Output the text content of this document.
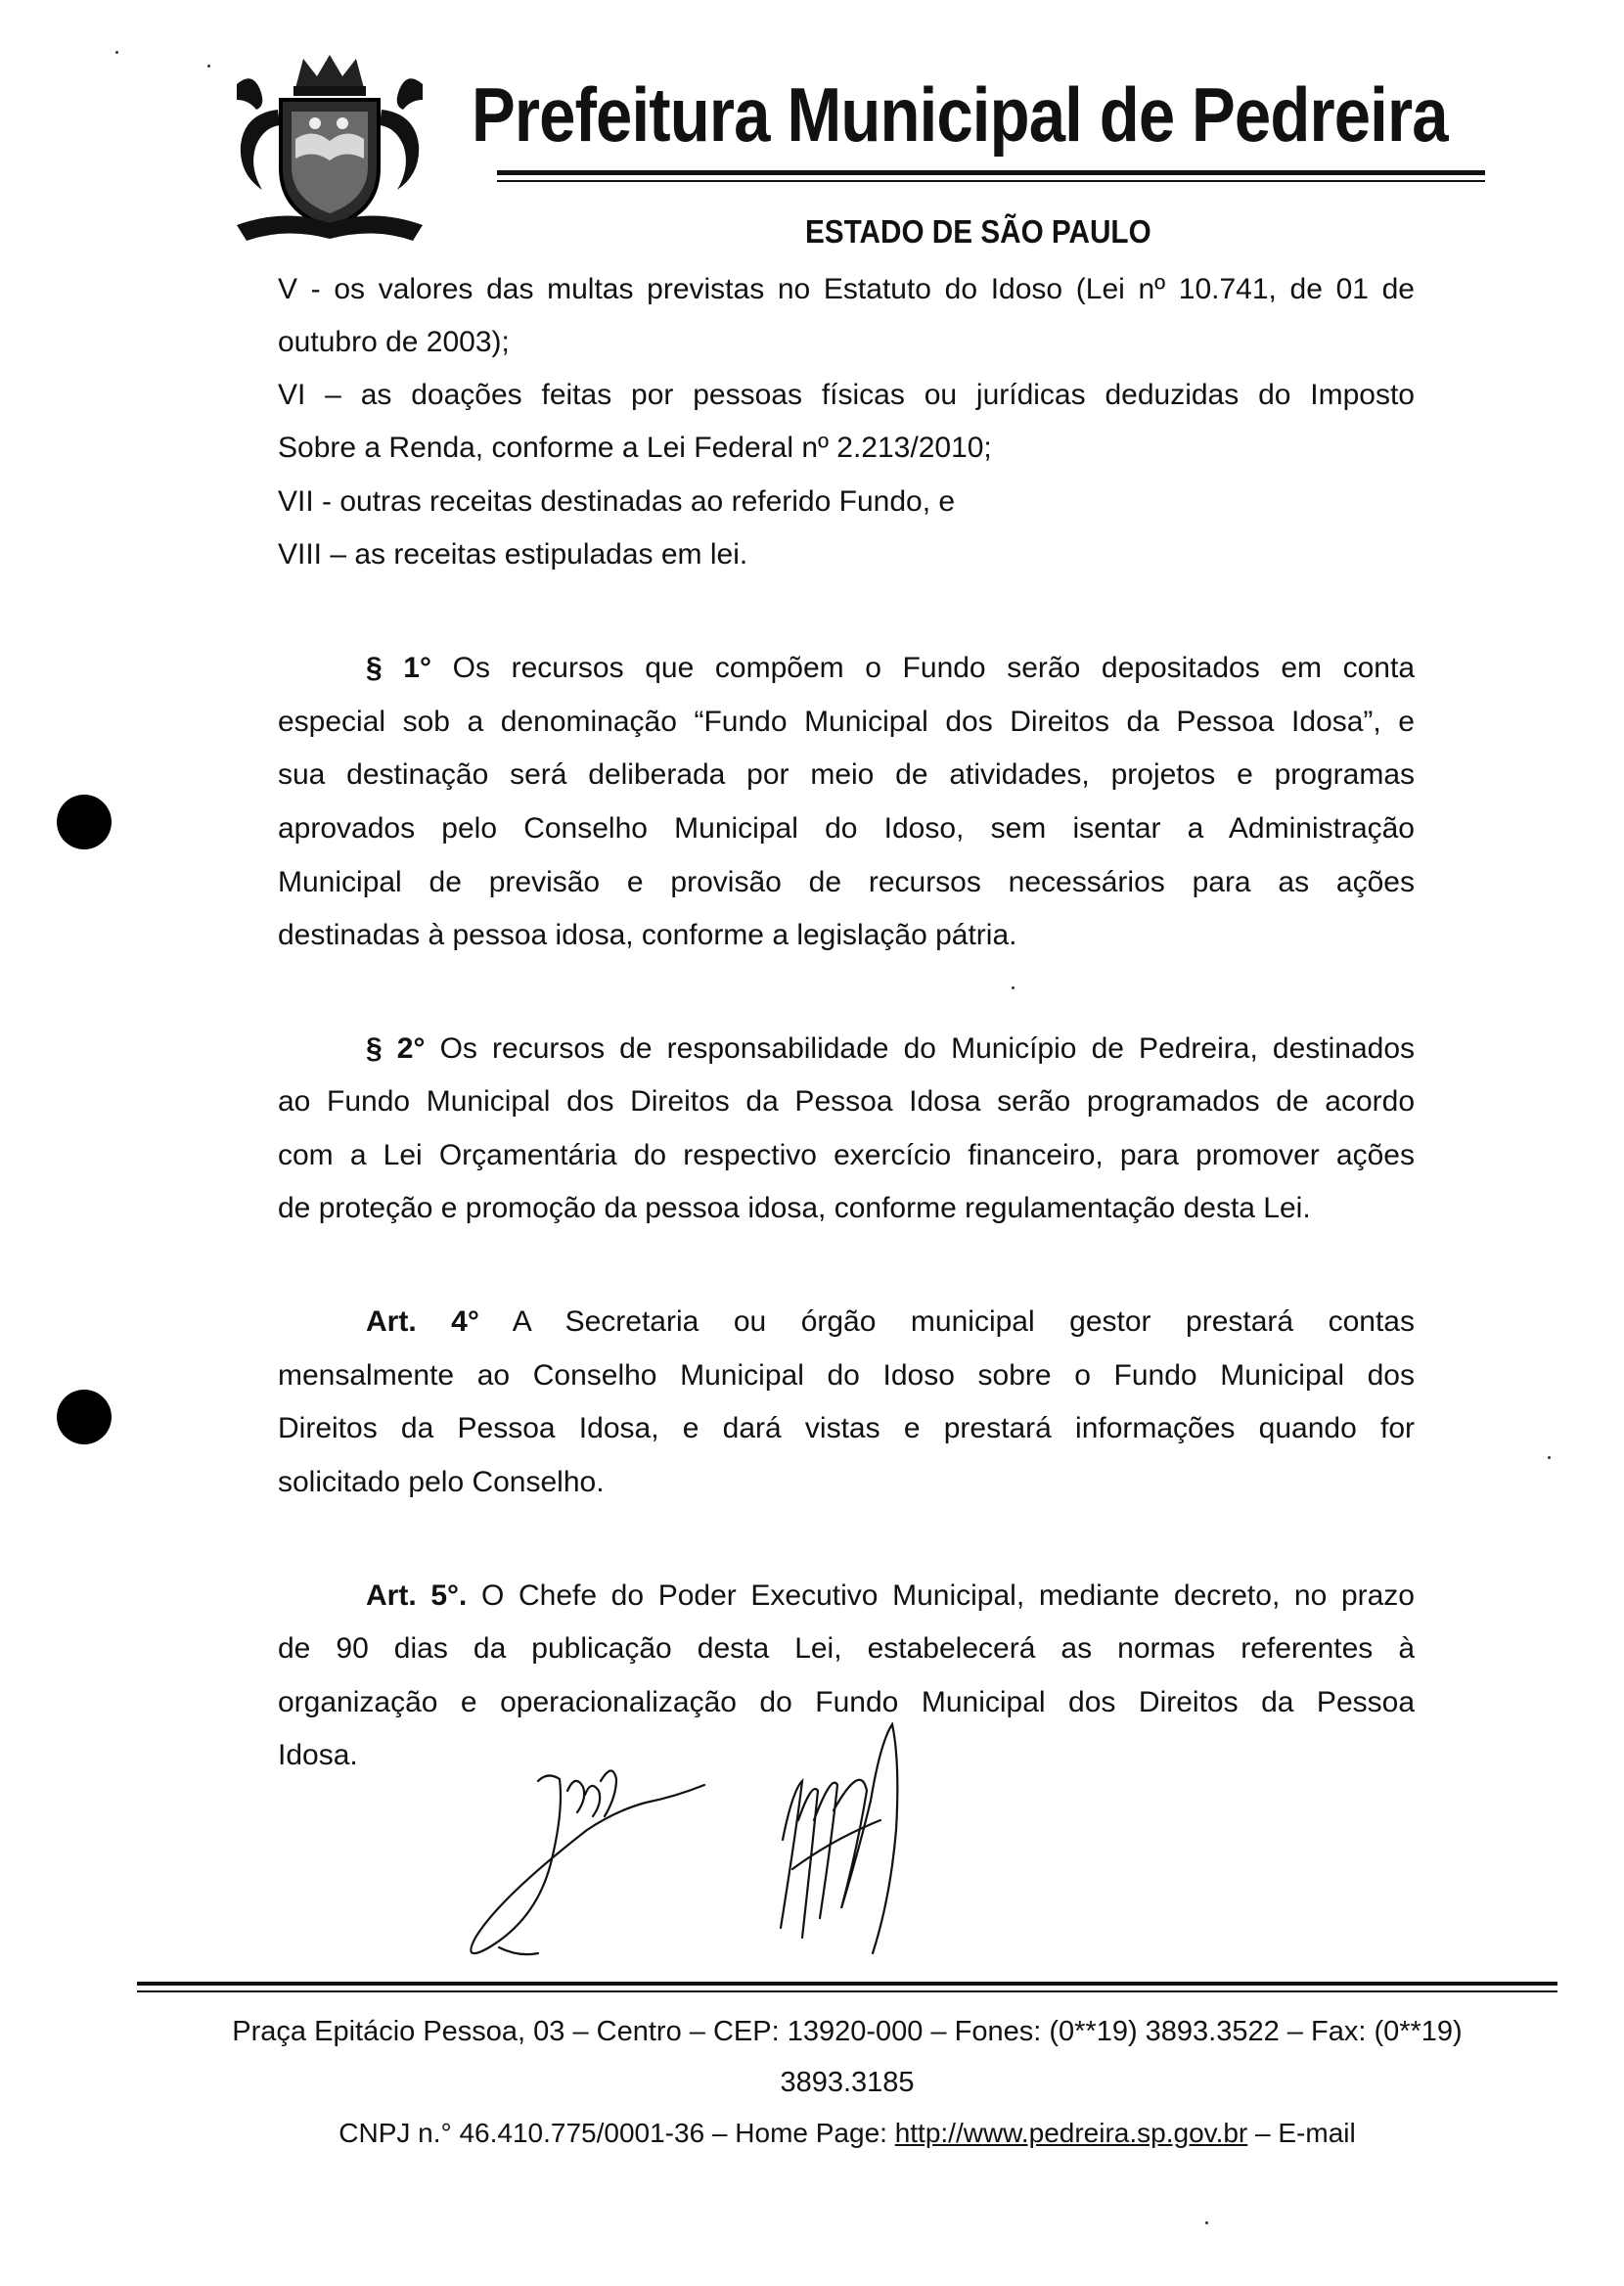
Prefeitura Municipal de Pedreira
ESTADO DE SÃO PAULO
V - os valores das multas previstas no Estatuto do Idoso (Lei nº 10.741, de 01 de
outubro de 2003);
VI – as doações feitas por pessoas físicas ou jurídicas deduzidas do Imposto
Sobre a Renda, conforme a Lei Federal nº 2.213/2010;
VII - outras receitas destinadas ao referido Fundo, e
VIII – as receitas estipuladas em lei.
§ 1° Os recursos que compõem o Fundo serão depositados em conta
especial sob a denominação “Fundo Municipal dos Direitos da Pessoa Idosa”, e
sua destinação será deliberada por meio de atividades, projetos e programas
aprovados pelo Conselho Municipal do Idoso, sem isentar a Administração
Municipal de previsão e provisão de recursos necessários para as ações
destinadas à pessoa idosa, conforme a legislação pátria.
§ 2° Os recursos de responsabilidade do Município de Pedreira, destinados
ao Fundo Municipal dos Direitos da Pessoa Idosa serão programados de acordo
com a Lei Orçamentária do respectivo exercício financeiro, para promover ações
de proteção e promoção da pessoa idosa, conforme regulamentação desta Lei.
Art. 4° A Secretaria ou órgão municipal gestor prestará contas
mensalmente ao Conselho Municipal do Idoso sobre o Fundo Municipal dos
Direitos da Pessoa Idosa, e dará vistas e prestará informações quando for
solicitado pelo Conselho.
Art. 5°. O Chefe do Poder Executivo Municipal, mediante decreto, no prazo
de 90 dias da publicação desta Lei, estabelecerá as normas referentes à
organização e operacionalização do Fundo Municipal dos Direitos da Pessoa
Idosa.
Praça Epitácio Pessoa, 03 – Centro – CEP: 13920-000 – Fones: (0**19) 3893.3522 – Fax: (0**19)
3893.3185
CNPJ n.° 46.410.775/0001-36 – Home Page: http://www.pedreira.sp.gov.br – E-mail
